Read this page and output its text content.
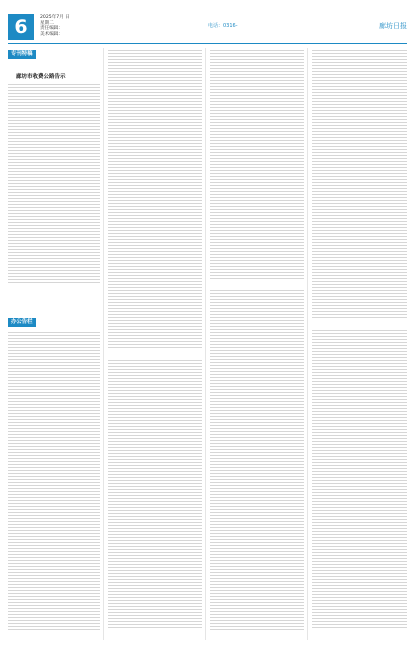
6	2025年7月 日
星期二
责任编辑：
美术编辑：
电话：0316-	廊坊日报
专刊特稿
廊坊市收费公路告示
办公告栏
